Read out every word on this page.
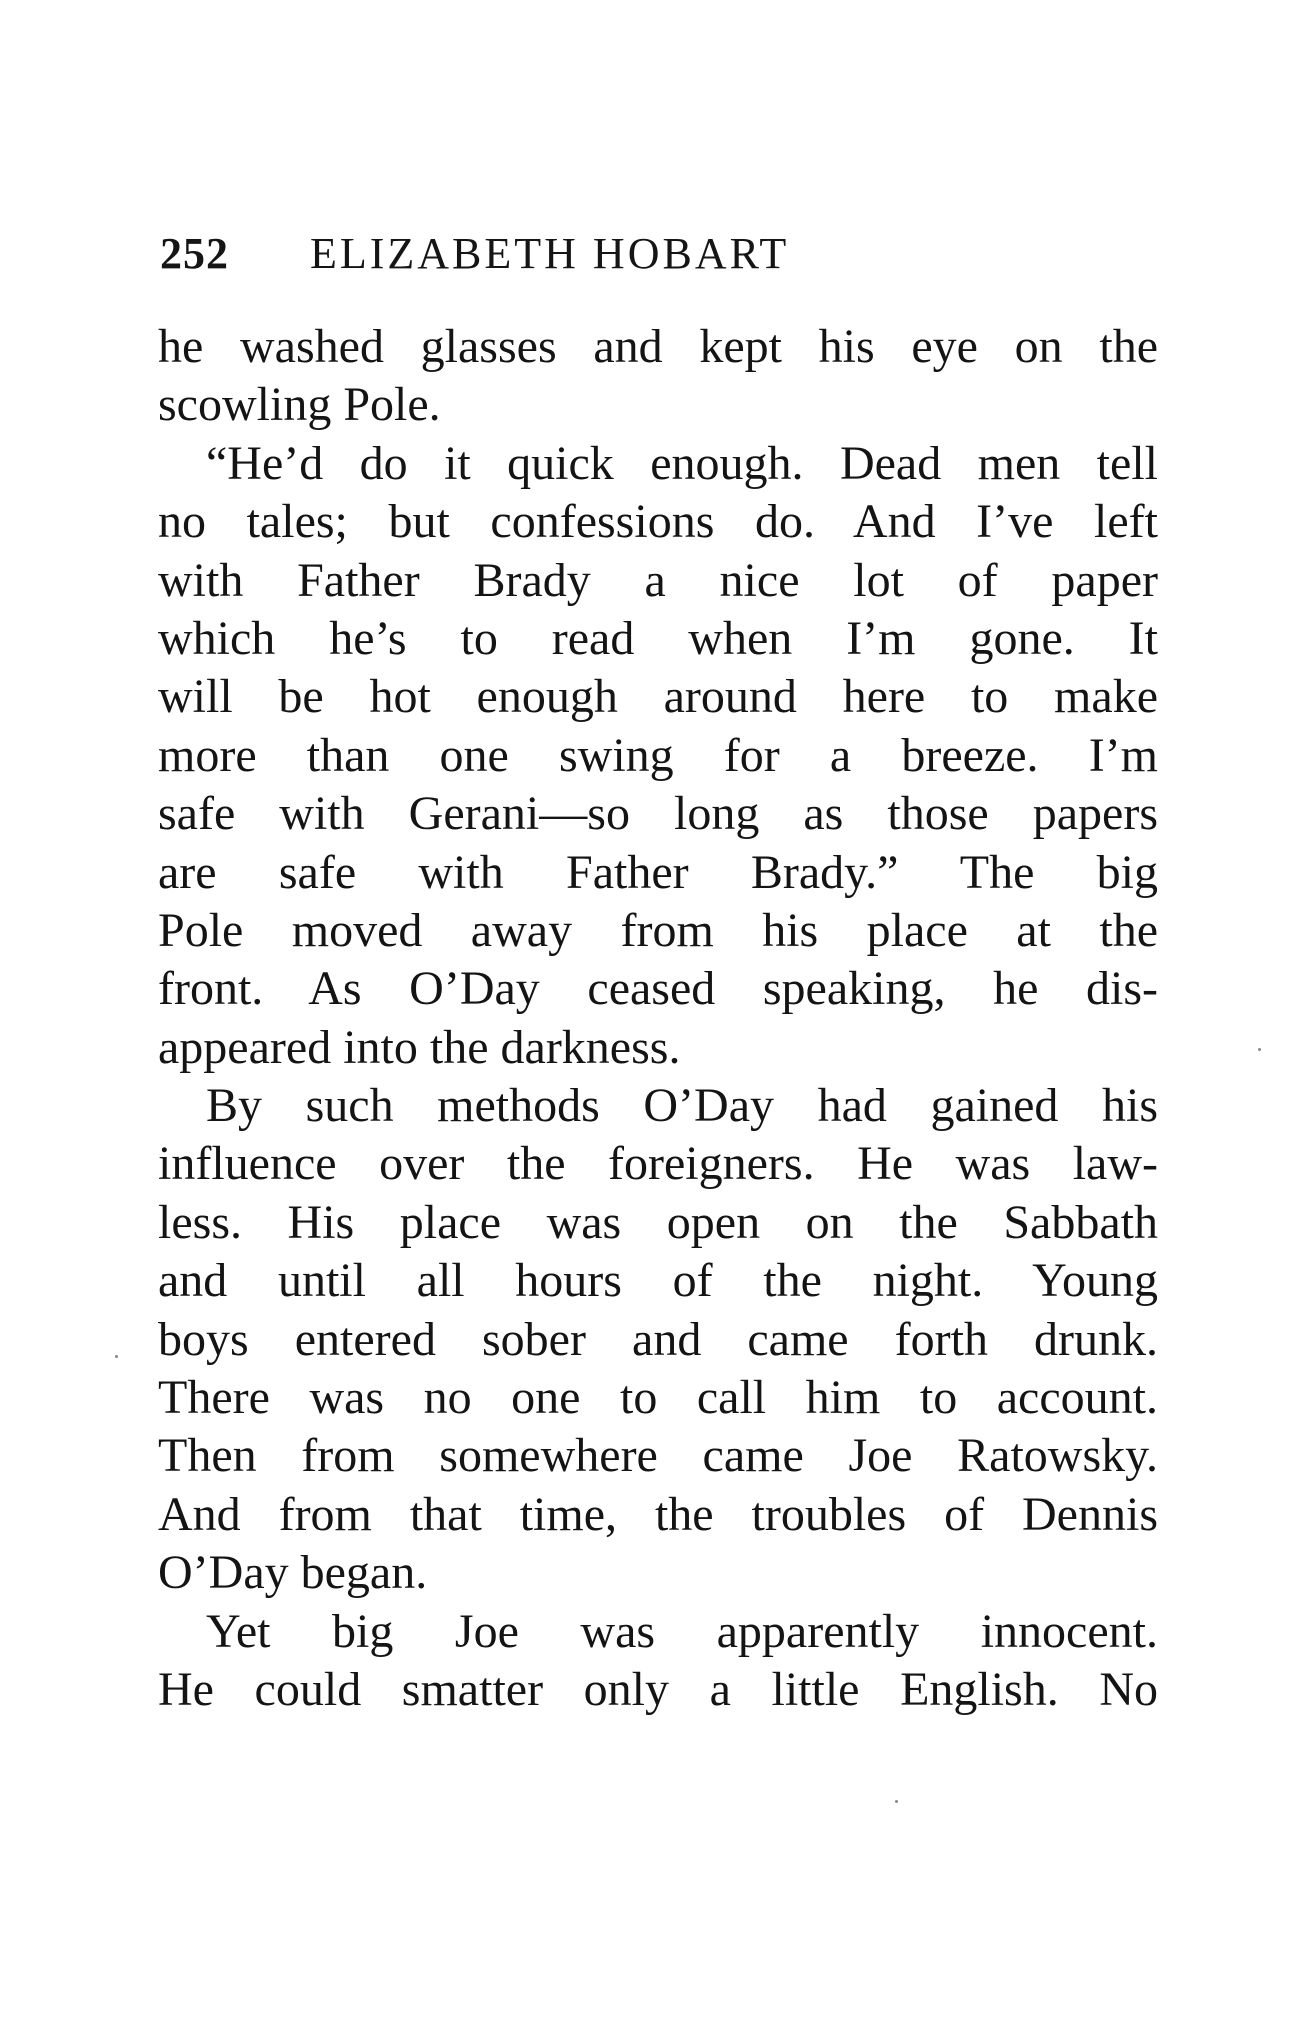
252	ELIZABETH HOBART
he washed glasses and kept his eye on the
scowling Pole.
“He’d do it quick enough. Dead men tell
no tales; but confessions do. And I’ve left
with Father Brady a nice lot of paper
which he’s to read when I’m gone. It
will be hot enough around here to make
more than one swing for a breeze. I’m
safe with Gerani—so long as those papers
are safe with Father Brady.” The big
Pole moved away from his place at the
front. As O’Day ceased speaking, he dis-
appeared into the darkness.
By such methods O’Day had gained his
influence over the foreigners. He was law-
less. His place was open on the Sabbath
and until all hours of the night. Young
boys entered sober and came forth drunk.
There was no one to call him to account.
Then from somewhere came Joe Ratowsky.
And from that time, the troubles of Dennis
O’Day began.
Yet big Joe was apparently innocent.
He could smatter only a little English. No
